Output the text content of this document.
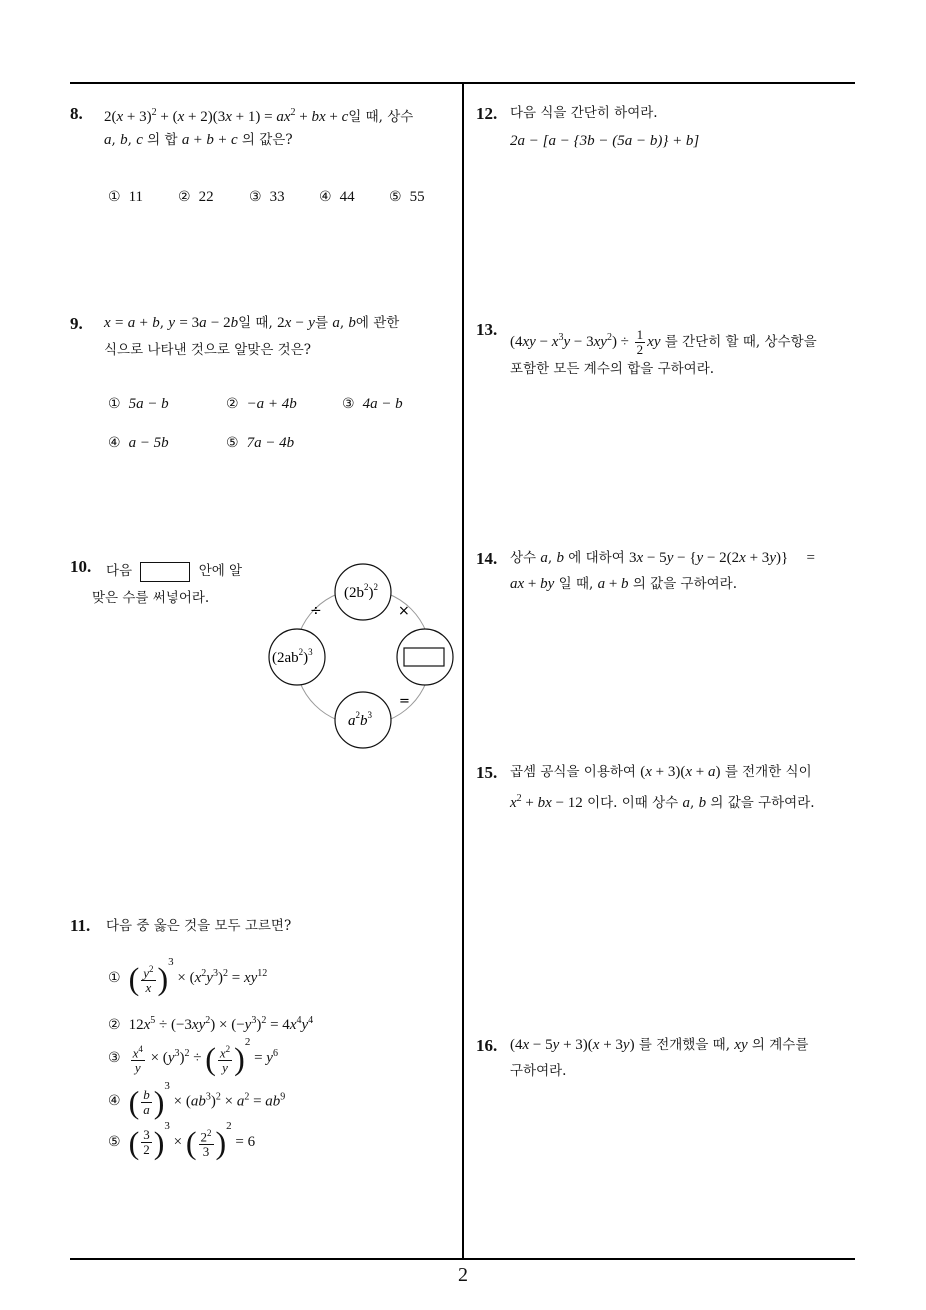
8. $2(x + 3)^2 + (x + 2)(3x + 1) = ax^2$ + bx + c일 때, 상수
a, b, c 의 합 a + b + c 의 값은?
① 11 ② 22	③ 33 ④ 44 ⑤ 55
9. x = a + b, y = 3a − 2b일 때, 2x − y를 a, b에 관한
식으로 나타낸 것으로 알맞은 것은?
① 5a − b	② −a + 4b	③ 4a − b
④ a − 5b	⑤ 7a − 4b
10. 다음	안에 알
맞은 수를 써넣어라.	$(2b^2)^2$
$(2ab^2)^3$
$a^2b^3$
÷	×
=
11. 다음 중 옳은 것을 모두 고르면?
① ( $\frac{y^2}{x} )^3 \times (x^2y^3)^2 = xy^{12}$
② $12x^5 \div (-3xy^2) \times (-y^3)^2 = 4x^4y^4$
③ $\frac{x^4}{y} \times (y^3)^2$ ÷ ( $\frac{x^2}{y} )^2 = y^6$
④ ( $\frac{b}{a} )^3 \times (ab^3)^2 \times a^2 = ab^9$
⑤ ( $\frac{3}{2} )^3$ × ( $\frac{2^2}{3} )^2 = 6$
12. 다음 식을 간단히 하여라.
2a − [a − {3b − (5a − b)} + b]
13.
$(4xy - x^3y - 3xy^2) \div \frac{1}{2}$ xy 를 간단히 할 때, 상수항을
포함한 모든 계수의 합을 구하여라.
14. 상수 a, b 에 대하여 3x − 5y − {y − 2(2x + 3y)} =
ax + by 일 때, a + b 의 값을 구하여라.
15. 곱셈 공식을 이용하여 (x + 3)(x + a) 를 전개한 식이
$x^2$ + bx − 12 이다. 이때 상수 a, b 의 값을 구하여라.
16. (4x − 5y + 3)(x + 3y) 를 전개했을 때, xy 의 계수를
구하여라.
2
